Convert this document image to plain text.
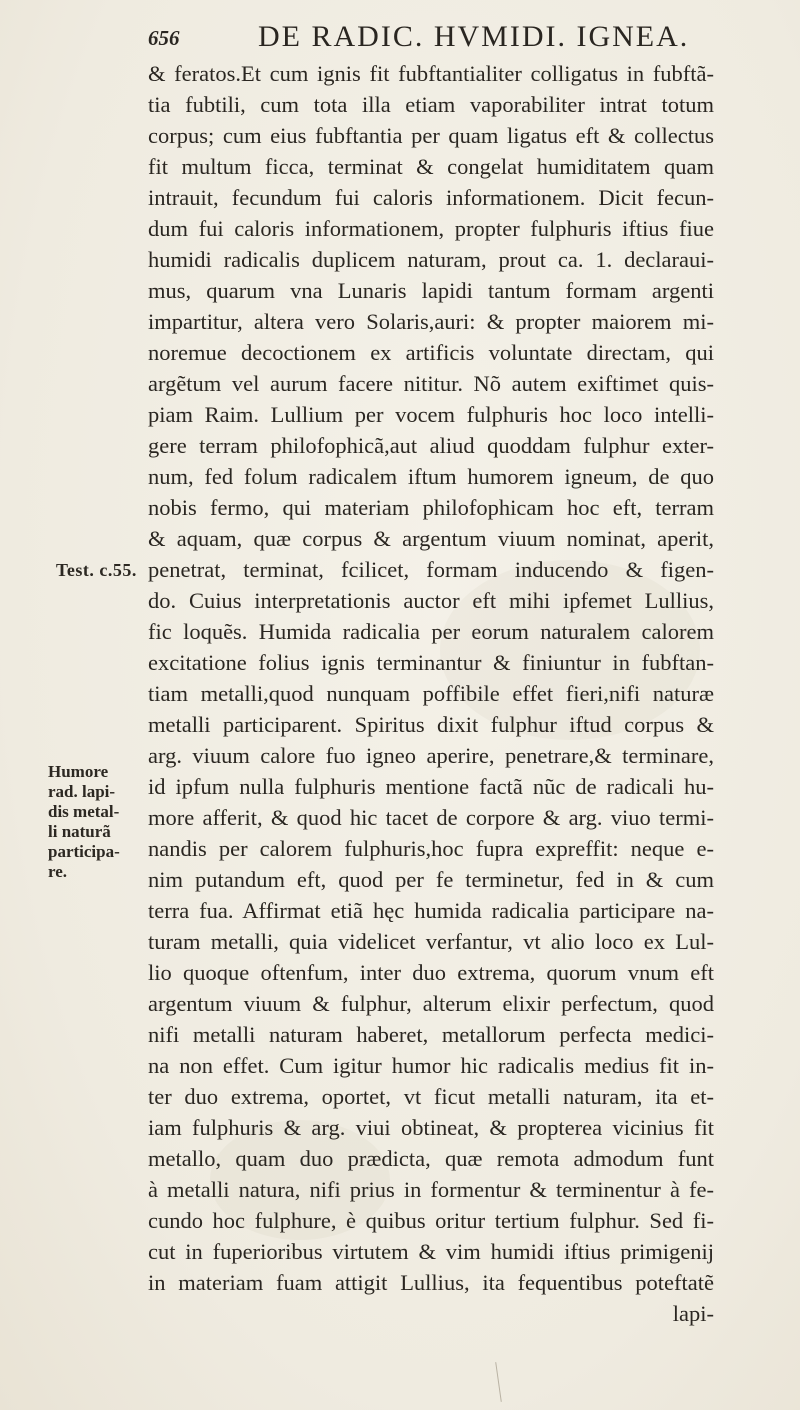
656	DE RADIC. HVMIDI. IGNEA.
Test. c.55.
Humore
rad. lapi-
dis metal-
li naturã
participa-
re.
& feratos.Et cum ignis fit fubftantialiter colligatus in fubftã-
tia fubtili, cum tota illa etiam vaporabiliter intrat totum
corpus; cum eius fubftantia per quam ligatus eft & collectus
fit multum ficca, terminat & congelat humiditatem quam
intrauit, fecundum fui caloris informationem. Dicit fecun-
dum fui caloris informationem, propter fulphuris iftius fiue
humidi radicalis duplicem naturam, prout ca. 1. declaraui-
mus, quarum vna Lunaris lapidi tantum formam argenti
impartitur, altera vero Solaris,auri: & propter maiorem mi-
noremue decoctionem ex artificis voluntate directam, qui
argẽtum vel aurum facere nititur. Nõ autem exiftimet quis-
piam Raim. Lullium per vocem fulphuris hoc loco intelli-
gere terram philofophicã,aut aliud quoddam fulphur exter-
num, fed folum radicalem iftum humorem igneum, de quo
nobis fermo, qui materiam philofophicam hoc eft, terram
& aquam, quæ corpus & argentum viuum nominat, aperit,
penetrat, terminat, fcilicet, formam inducendo & figen-
do. Cuius interpretationis auctor eft mihi ipfemet Lullius,
fic loquẽs. Humida radicalia per eorum naturalem calorem
excitatione folius ignis terminantur & finiuntur in fubftan-
tiam metalli,quod nunquam poffibile effet fieri,nifi naturæ
metalli participarent. Spiritus dixit fulphur iftud corpus &
arg. viuum calore fuo igneo aperire, penetrare,& terminare,
id ipfum nulla fulphuris mentione factã nũc de radicali hu-
more afferit, & quod hic tacet de corpore & arg. viuo termi-
nandis per calorem fulphuris,hoc fupra expreffit: neque e-
nim putandum eft, quod per fe terminetur, fed in & cum
terra fua. Affirmat etiã hęc humida radicalia participare na-
turam metalli, quia videlicet verfantur, vt alio loco ex Lul-
lio quoque oftenfum, inter duo extrema, quorum vnum eft
argentum viuum & fulphur, alterum elixir perfectum, quod
nifi metalli naturam haberet, metallorum perfecta medici-
na non effet. Cum igitur humor hic radicalis medius fit in-
ter duo extrema, oportet, vt ficut metalli naturam, ita et-
iam fulphuris & arg. viui obtineat, & propterea vicinius fit
metallo, quam duo prædicta, quæ remota admodum funt
à metalli natura, nifi prius in formentur & terminentur à fe-
cundo hoc fulphure, è quibus oritur tertium fulphur. Sed fi-
cut in fuperioribus virtutem & vim humidi iftius primigenij
in materiam fuam attigit Lullius, ita fequentibus poteftatẽ
lapi-
